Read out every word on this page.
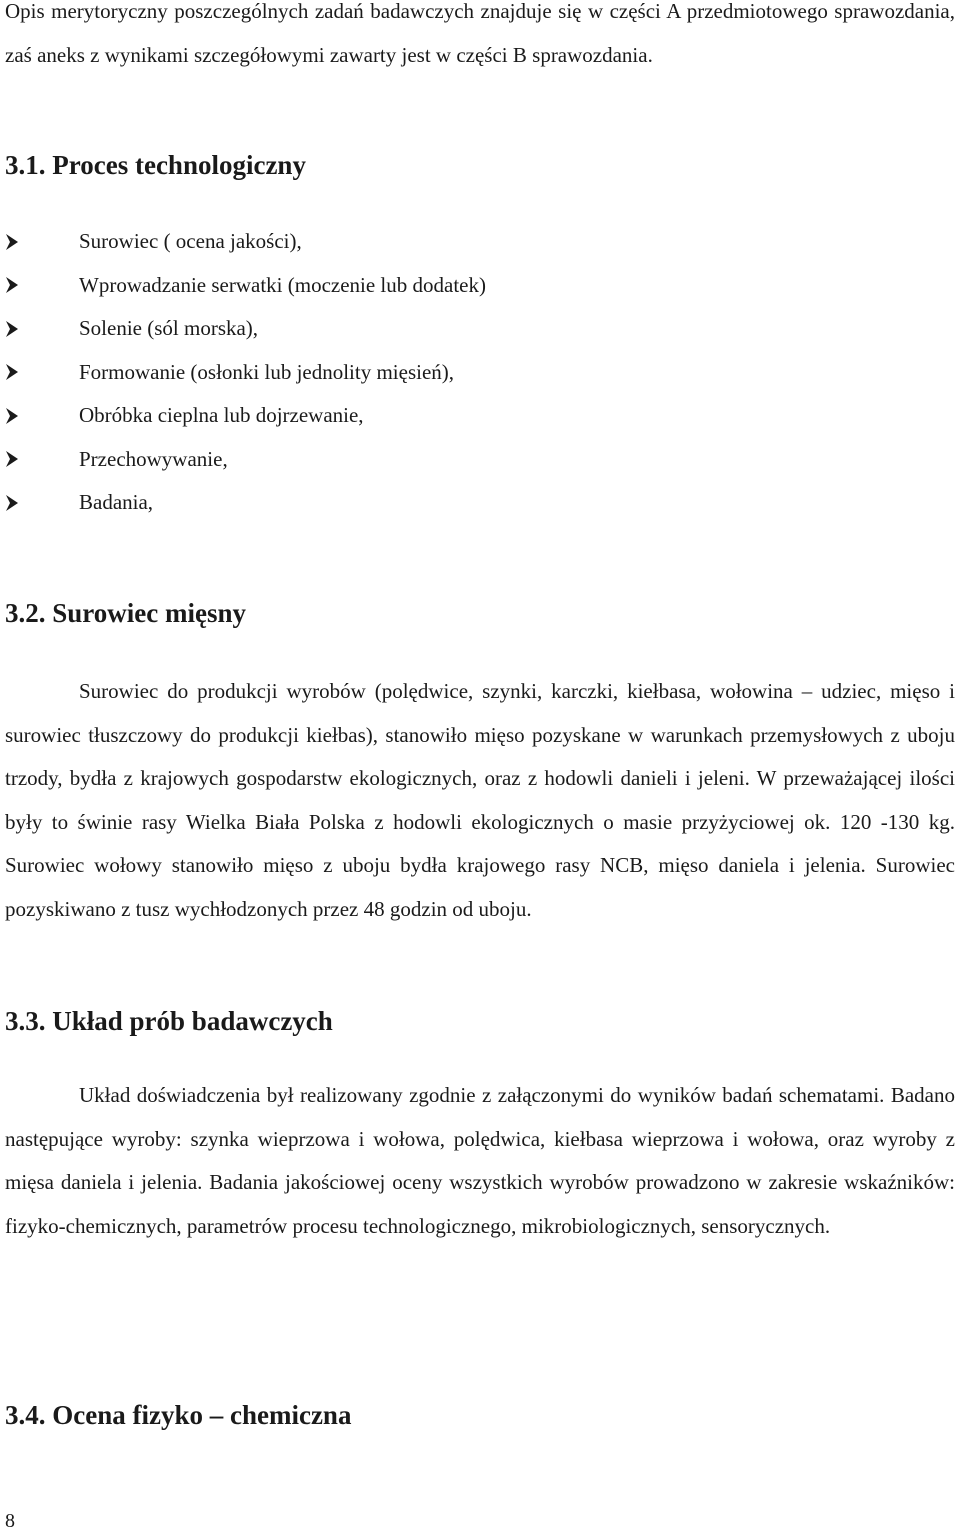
Opis merytoryczny poszczególnych zadań badawczych znajduje się w części A przedmiotowego sprawozdania, zaś aneks z wynikami szczegółowymi zawarty jest w części B sprawozdania.

3.1. Proces technologiczny
Surowiec ( ocena jakości),
Wprowadzanie serwatki (moczenie lub dodatek)
Solenie (sól morska),
Formowanie (osłonki lub jednolity mięsień),
Obróbka cieplna lub dojrzewanie,
Przechowywanie,
Badania,
3.2. Surowiec mięsny

Surowiec do produkcji wyrobów (polędwice, szynki, karczki, kiełbasa, wołowina – udziec, mięso i surowiec tłuszczowy do produkcji kiełbas), stanowiło mięso pozyskane w warunkach przemysłowych z uboju trzody, bydła z krajowych gospodarstw ekologicznych, oraz z hodowli danieli i jeleni. W przeważającej ilości były to świnie rasy Wielka Biała Polska z hodowli ekologicznych o masie przyżyciowej ok. 120 -130 kg. Surowiec wołowy stanowiło mięso z uboju bydła krajowego rasy NCB, mięso daniela i jelenia. Surowiec pozyskiwano z tusz wychłodzonych przez 48 godzin od uboju.

3.3. Układ prób badawczych

Układ doświadczenia był realizowany zgodnie z załączonymi do wyników badań schematami. Badano następujące wyroby: szynka wieprzowa i wołowa, polędwica, kiełbasa wieprzowa i wołowa, oraz wyroby z mięsa daniela i jelenia. Badania jakościowej oceny wszystkich wyrobów prowadzono w zakresie wskaźników: fizyko-chemicznych, parametrów procesu technologicznego, mikrobiologicznych, sensorycznych.

3.4. Ocena fizyko – chemiczna

8
